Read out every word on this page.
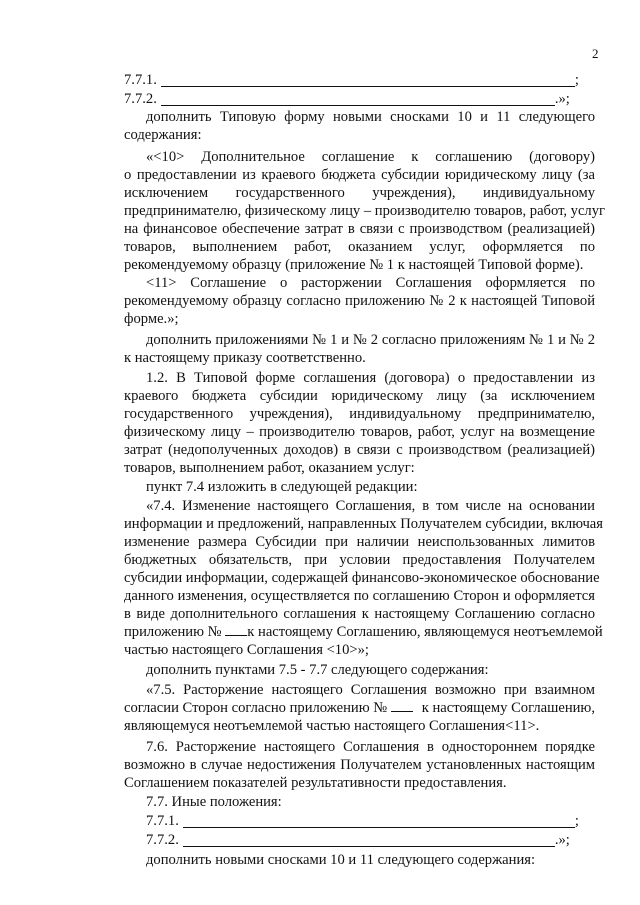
2
7.7.1.	;
7.7.2.	.»;
дополнить Типовую форму новыми сносками 10 и 11 следующего
содержания:
«<10> Дополнительное соглашение к соглашению (договору)
о предоставлении из краевого бюджета субсидии юридическому лицу (за
исключением государственного учреждения), индивидуальному
предпринимателю, физическому лицу – производителю товаров, работ, услуг
на финансовое обеспечение затрат в связи с производством (реализацией)
товаров, выполнением работ, оказанием услуг, оформляется по
рекомендуемому образцу (приложение № 1 к настоящей Типовой форме).
<11> Соглашение о расторжении Соглашения оформляется по
рекомендуемому образцу согласно приложению № 2 к настоящей Типовой
форме.»;
дополнить приложениями № 1 и № 2 согласно приложениям № 1 и № 2
к настоящему приказу соответственно.
1.2. В Типовой форме соглашения (договора) о предоставлении из
краевого бюджета субсидии юридическому лицу (за исключением
государственного учреждения), индивидуальному предпринимателю,
физическому лицу – производителю товаров, работ, услуг на возмещение
затрат (недополученных доходов) в связи с производством (реализацией)
товаров, выполнением работ, оказанием услуг:
пункт 7.4 изложить в следующей редакции:
«7.4. Изменение настоящего Соглашения, в том числе на основании
информации и предложений, направленных Получателем субсидии, включая
изменение размера Субсидии при наличии неиспользованных лимитов
бюджетных обязательств, при условии предоставления Получателем
субсидии информации, содержащей финансово-экономическое обоснование
данного изменения, осуществляется по соглашению Сторон и оформляется
в виде дополнительного соглашения к настоящему Соглашению согласно
приложению №	к настоящему Соглашению, являющемуся неотъемлемой
частью настоящего Соглашения <10>»;
дополнить пунктами 7.5 - 7.7 следующего содержания:
«7.5. Расторжение настоящего Соглашения возможно при взаимном
согласии Сторон согласно приложению №	к настоящему Соглашению,
являющемуся неотъемлемой частью настоящего Соглашения<11>.
7.6. Расторжение настоящего Соглашения в одностороннем порядке
возможно в случае недостижения Получателем установленных настоящим
Соглашением показателей результативности предоставления.
7.7. Иные положения:
7.7.1.	;
7.7.2.	.»;
дополнить новыми сносками 10 и 11 следующего содержания:
